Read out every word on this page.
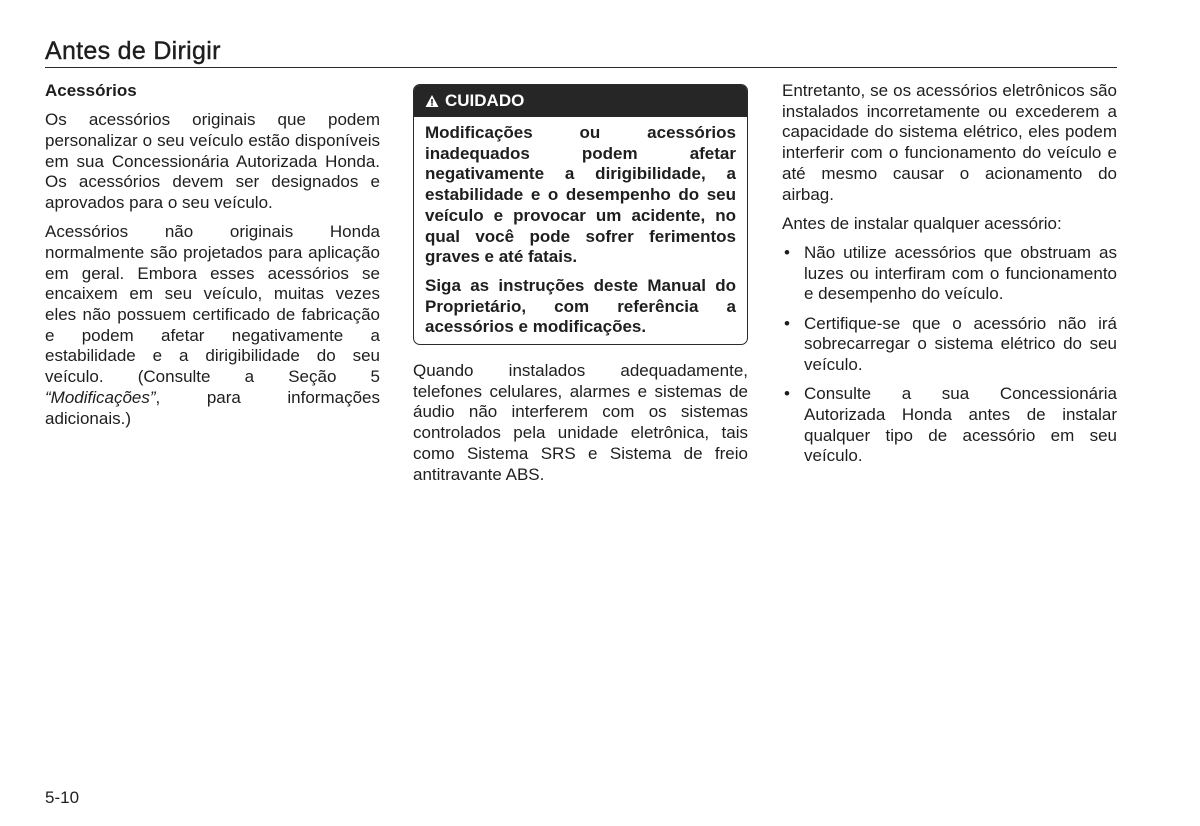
Antes de Dirigir
Acessórios

Os acessórios originais que podem personalizar o seu veículo estão disponíveis em sua Concessionária Autorizada Honda. Os acessórios devem ser designados e aprovados para o seu veículo.

Acessórios não originais Honda normalmente são projetados para aplicação em geral. Embora esses acessórios se encaixem em seu veículo, muitas vezes eles não possuem certificado de fabricação e podem afetar negativamente a estabilidade e a dirigibilidade do seu veículo. (Consulte a Seção 5 “Modificações”, para informações adicionais.)

CUIDADO

Modificações ou acessórios inadequados podem afetar negativamente a dirigibilidade, a estabilidade e o desempenho do seu veículo e provocar um acidente, no qual você pode sofrer ferimentos graves e até fatais.

Siga as instruções deste Manual do Proprietário, com referência a acessórios e modificações.

Quando instalados adequadamente, telefones celulares, alarmes e sistemas de áudio não interferem com os sistemas controlados pela unidade eletrônica, tais como Sistema SRS e Sistema de freio antitravante ABS.

Entretanto, se os acessórios eletrônicos são instalados incorretamente ou excederem a capacidade do sistema elétrico, eles podem interferir com o funcionamento do veículo e até mesmo causar o acionamento do airbag.

Antes de instalar qualquer acessório:

• Não utilize acessórios que obstruam as luzes ou interfiram com o funcionamento e desempenho do veículo.
• Certifique-se que o acessório não irá sobrecarregar o sistema elétrico do seu veículo.
• Consulte a sua Concessionária Autorizada Honda antes de instalar qualquer tipo de acessório em seu veículo.
5-10
